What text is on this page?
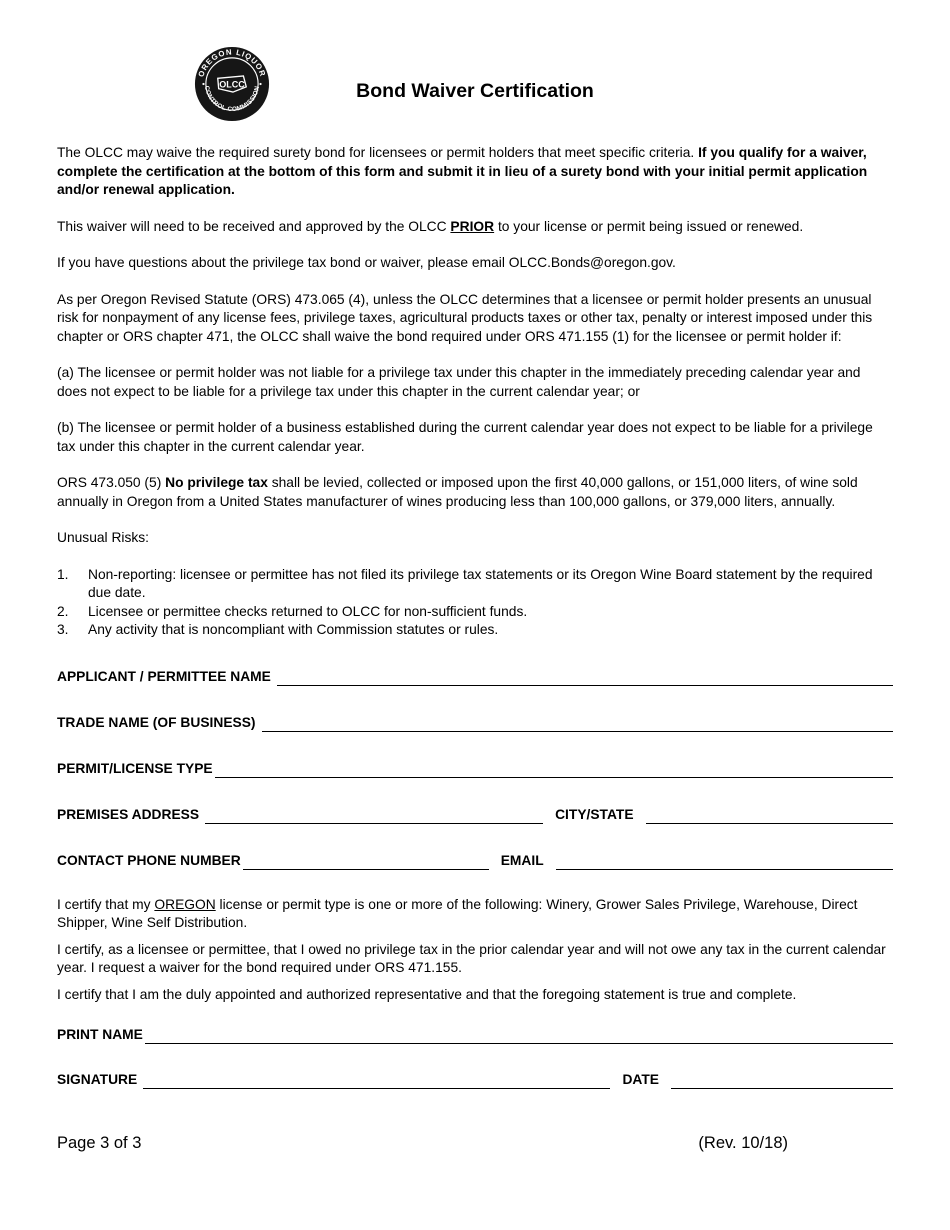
OREGON LIQUOR
CONTROL COMMISSION
OLCC	Bond Waiver Certification

The OLCC may waive the required surety bond for licensees or permit holders that meet specific criteria. If you qualify for a waiver, complete the certification at the bottom of this form and submit it in lieu of a surety bond with your initial permit application and/or renewal application.

This waiver will need to be received and approved by the OLCC PRIOR to your license or permit being issued or renewed.

If you have questions about the privilege tax bond or waiver, please email OLCC.Bonds@oregon.gov.

As per Oregon Revised Statute (ORS) 473.065 (4), unless the OLCC determines that a licensee or permit holder presents an unusual risk for nonpayment of any license fees, privilege taxes, agricultural products taxes or other tax, penalty or interest imposed under this chapter or ORS chapter 471, the OLCC shall waive the bond required under ORS 471.155 (1) for the licensee or permit holder if:

(a) The licensee or permit holder was not liable for a privilege tax under this chapter in the immediately preceding calendar year and does not expect to be liable for a privilege tax under this chapter in the current calendar year; or

(b) The licensee or permit holder of a business established during the current calendar year does not expect to be liable for a privilege tax under this chapter in the current calendar year.

ORS 473.050 (5) No privilege tax shall be levied, collected or imposed upon the first 40,000 gallons, or 151,000 liters, of wine sold annually in Oregon from a United States manufacturer of wines producing less than 100,000 gallons, or 379,000 liters, annually.

Unusual Risks:

1.	Non-reporting: licensee or permittee has not filed its privilege tax statements or its Oregon Wine Board statement by the required due date.
2.	Licensee or permittee checks returned to OLCC for non-sufficient funds.
3.	Any activity that is noncompliant with Commission statutes or rules.
APPLICANT / PERMITTEE NAME
TRADE NAME (OF BUSINESS)
PERMIT/LICENSE TYPE
PREMISES ADDRESS	CITY/STATE
CONTACT PHONE NUMBER	EMAIL

I certify that my OREGON license or permit type is one or more of the following: Winery, Grower Sales Privilege, Warehouse, Direct Shipper, Wine Self Distribution.

I certify, as a licensee or permittee, that I owed no privilege tax in the prior calendar year and will not owe any tax in the current calendar year. I request a waiver for the bond required under ORS 471.155.

I certify that I am the duly appointed and authorized representative and that the foregoing statement is true and complete.

PRINT NAME
SIGNATURE	DATE
Page 3 of 3	(Rev. 10/18)
